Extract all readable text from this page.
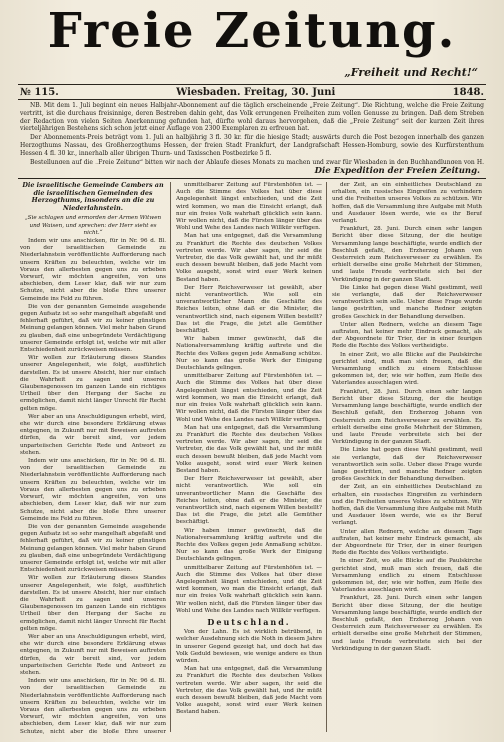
Freie Zeitung.
„Freiheit und Recht!“
№ 115.	Wiesbaden. Freitag, 30. Juni	1848.

NB. Mit dem 1. Juli beginnt ein neues Halbjahr-Abonnement auf die täglich erscheinende „Freie Zeitung“. Die Richtung, welche die Freie Zeitung vertritt, ist die durchaus freisinnige, deren Bestreben dahin geht, das Volk errungenen Freiheiten zum vollen Genusse zu bringen. Daß dem Streben der Redaction von vielen Seiten Anerkennung gefunden hat, dürfte wohl daraus hervorgehen, daß die „Freie Zeitung“ seit der kurzen Zeit ihres vierteljährigen Bestehens sich schon jetzt einer Auflage von 2300 Exemplaren zu erfreuen hat.

Der Abonnements-Preis beträgt vom 1. Juli an halbjährig 3 fl. 30 kr. für die hiesige Stadt; auswärts durch die Post bezogen innerhalb des ganzen Herzogthums Nassau, des Großherzogthums Hessen, der freien Stadt Frankfurt, der Landgrafschaft Hessen-Homburg, sowie des Kurfürstenthum Hessen 4 fl. 30 kr., innerhalb aller übrigen Thurn- und Taxisschen Postbezirke 5 fl.

Bestellungen auf die „Freie Zeitung“ bitten wir nach der Ablaufe dieses Monats zu machen und zwar für Wiesbaden in den Buchhandlungen von H.

Die Expedition der Freien Zeitung.
Die israelitische Gemeinde Cambers an die israelitischen Gemeinden des Herzogthums, insonders an die zu Niederlahnstein.

„Sie schlagen und ermorden der Armen Witwen und Waisen, und sprechen: der Herr sieht es nicht.“

Indem wir uns anschicken, für in Nr. 96 d. Bl. von der israelitischen Gemeinde zu Niederlahnstein veröffentlichte Aufforderung nach unsern Kräften zu beleuchten, welche wir im Voraus den allerbesten gegen uns zu erbeben Vorwurf, wir möchten angreifen, von uns abschieben, dem Leser klar, daß wir nur zum Schutze, nicht aber die bloße Ehre unserer Gemeinde ins Feld zu führen.

Die von der genannten Gemeinde ausgehende gegen Aufsatz ist so sehr mangelhaft abgefaßt und fehlerhaft geführt, daß wir zu keiner günstigen Meinung gelangen können. Viel mehr haben Grund zu glauben, daß eine unbegründete Verdächtigung unserer Gemeinde erfolgt ist, welche wir mit aller Entschiedenheit zurückweisen müssen.

Wir wollen zur Erläuterung dieses Standes unserer Angelegenheit, wie folgt, ausführlich darstellen. Es ist unsere Absicht, hier nur einfach die Wahrheit zu sagen und unseren Glaubensgenossen im ganzen Lande ein richtiges Urtheil über den Hergang der Sache zu ermöglichen, damit nicht länger Unrecht für Recht gelten möge.

Wer aber an uns Anschuldigungen erhebt, wird, ehe wir durch eine besondere Erklärung etwas entgegnen, in Zukunft nur mit Beweisen auftreten dürfen, da wir bereit sind, vor jedem unparteiischen Gerichte Rede und Antwort zu stehen.

Indem wir uns anschicken, für in Nr. 96 d. Bl. von der israelitischen Gemeinde zu Niederlahnstein veröffentlichte Aufforderung nach unsern Kräften zu beleuchten, welche wir im Voraus den allerbesten gegen uns zu erbeben Vorwurf, wir möchten angreifen, von uns abschieben, dem Leser klar, daß wir nur zum Schutze, nicht aber die bloße Ehre unserer Gemeinde ins Feld zu führen.

Die von der genannten Gemeinde ausgehende gegen Aufsatz ist so sehr mangelhaft abgefaßt und fehlerhaft geführt, daß wir zu keiner günstigen Meinung gelangen können. Viel mehr haben Grund zu glauben, daß eine unbegründete Verdächtigung unserer Gemeinde erfolgt ist, welche wir mit aller Entschiedenheit zurückweisen müssen.

Wir wollen zur Erläuterung dieses Standes unserer Angelegenheit, wie folgt, ausführlich darstellen. Es ist unsere Absicht, hier nur einfach die Wahrheit zu sagen und unseren Glaubensgenossen im ganzen Lande ein richtiges Urtheil über den Hergang der Sache zu ermöglichen, damit nicht länger Unrecht für Recht gelten möge.

Wer aber an uns Anschuldigungen erhebt, wird, ehe wir durch eine besondere Erklärung etwas entgegnen, in Zukunft nur mit Beweisen auftreten dürfen, da wir bereit sind, vor jedem unparteiischen Gerichte Rede und Antwort zu stehen.

Indem wir uns anschicken, für in Nr. 96 d. Bl. von der israelitischen Gemeinde zu Niederlahnstein veröffentlichte Aufforderung nach unsern Kräften zu beleuchten, welche wir im Voraus den allerbesten gegen uns zu erbeben Vorwurf, wir möchten angreifen, von uns abschieben, dem Leser klar, daß wir nur zum Schutze, nicht aber die bloße Ehre unserer

unmittelbarer Zeitung auf Fürstenhöfen ist. — Auch die Stimme des Volkes hat über diese Angelegenheit längst entschieden, und die Zeit wird kommen, wo man die Einsicht erlangt, daß nur ein freies Volk wahrhaft glücklich sein kann. Wir wollen nicht, daß die Fürsten länger über das Wohl und Wehe des Landes nach Willkür verfügen.

Man hat uns entgegnet, daß die Versammlung zu Frankfurt die Rechte des deutschen Volkes vertreten werde. Wir aber sagen, ihr seid die Vertreter, die das Volk gewählt hat, und ihr müßt euch dessen bewußt bleiben, daß jede Macht vom Volke ausgeht, sonst wird euer Werk keinen Bestand haben.

Der Herr Reichsverweser ist gewählt, aber nicht verantwortlich. Wie soll ein unverantwortlicher Mann die Geschäfte des Reiches leiten, ohne daß er die Minister, die verantwortlich sind, nach eigenem Willen bestellt? Das ist die Frage, die jetzt alle Gemüther beschäftigt.

Wir haben immer gewünscht, daß die Nationalversammlung kräftig auftrete und die Rechte des Volkes gegen jede Anmaßung schütze. Nur so kann das große Werk der Einigung Deutschlands gelingen.

unmittelbarer Zeitung auf Fürstenhöfen ist. — Auch die Stimme des Volkes hat über diese Angelegenheit längst entschieden, und die Zeit wird kommen, wo man die Einsicht erlangt, daß nur ein freies Volk wahrhaft glücklich sein kann. Wir wollen nicht, daß die Fürsten länger über das Wohl und Wehe des Landes nach Willkür verfügen.

Man hat uns entgegnet, daß die Versammlung zu Frankfurt die Rechte des deutschen Volkes vertreten werde. Wir aber sagen, ihr seid die Vertreter, die das Volk gewählt hat, und ihr müßt euch dessen bewußt bleiben, daß jede Macht vom Volke ausgeht, sonst wird euer Werk keinen Bestand haben.

Der Herr Reichsverweser ist gewählt, aber nicht verantwortlich. Wie soll ein unverantwortlicher Mann die Geschäfte des Reiches leiten, ohne daß er die Minister, die verantwortlich sind, nach eigenem Willen bestellt? Das ist die Frage, die jetzt alle Gemüther beschäftigt.

Wir haben immer gewünscht, daß die Nationalversammlung kräftig auftrete und die Rechte des Volkes gegen jede Anmaßung schütze. Nur so kann das große Werk der Einigung Deutschlands gelingen.

unmittelbarer Zeitung auf Fürstenhöfen ist. — Auch die Stimme des Volkes hat über diese Angelegenheit längst entschieden, und die Zeit wird kommen, wo man die Einsicht erlangt, daß nur ein freies Volk wahrhaft glücklich sein kann. Wir wollen nicht, daß die Fürsten länger über das Wohl und Wehe des Landes nach Willkür verfügen.

Deutschland.

Von der Lahn. Es ist wirklich betrübend, in welcher Ausdehnung sich die Noth in diesem Jahre in unserer Gegend gezeigt hat, und doch hat das Volk Geduld bewiesen, wie wenige andere es thun würden.

Man hat uns entgegnet, daß die Versammlung zu Frankfurt die Rechte des deutschen Volkes vertreten werde. Wir aber sagen, ihr seid die Vertreter, die das Volk gewählt hat, und ihr müßt euch dessen bewußt bleiben, daß jede Macht vom Volke ausgeht, sonst wird euer Werk keinen Bestand haben.

der Zeit, an ein einheitliches Deutschland zu erhalten, ein russisches Eingreifen zu verhindern und die Freiheiten unseres Volkes zu schützen. Wir hoffen, daß die Versammlung ihre Aufgabe mit Muth und Ausdauer lösen werde, wie es ihr Beruf verlangt.

Frankfurt, 28. Juni. Durch einen sehr langen Bericht über diese Sitzung, der die heutige Versammlung lange beschäftigte, wurde endlich der Beschluß gefaßt, den Erzherzog Johann von Oesterreich zum Reichsverweser zu erwählen. Es erhielt derselbe eine große Mehrheit der Stimmen, und laute Freude verbreitete sich bei der Verkündigung in der ganzen Stadt.

Die Linke hat gegen diese Wahl gestimmt, weil sie verlangte, daß der Reichsverweser verantwortlich sein solle. Ueber diese Frage wurde lange gestritten, und manche Redner zeigten großes Geschick in der Behandlung derselben.

Unter allen Rednern, welche an diesem Tage auftraten, hat keiner mehr Eindruck gemacht, als der Abgeordnete für Trier, der in einer feurigen Rede die Rechte des Volkes vertheidigte.

In einer Zeit, wo alle Blicke auf die Paulskirche gerichtet sind, muß man sich freuen, daß die Versammlung endlich zu einem Entschlusse gekommen ist, der, wie wir hoffen, zum Heile des Vaterlandes ausschlagen wird.

Frankfurt, 28. Juni. Durch einen sehr langen Bericht über diese Sitzung, der die heutige Versammlung lange beschäftigte, wurde endlich der Beschluß gefaßt, den Erzherzog Johann von Oesterreich zum Reichsverweser zu erwählen. Es erhielt derselbe eine große Mehrheit der Stimmen, und laute Freude verbreitete sich bei der Verkündigung in der ganzen Stadt.

Die Linke hat gegen diese Wahl gestimmt, weil sie verlangte, daß der Reichsverweser verantwortlich sein solle. Ueber diese Frage wurde lange gestritten, und manche Redner zeigten großes Geschick in der Behandlung derselben.

der Zeit, an ein einheitliches Deutschland zu erhalten, ein russisches Eingreifen zu verhindern und die Freiheiten unseres Volkes zu schützen. Wir hoffen, daß die Versammlung ihre Aufgabe mit Muth und Ausdauer lösen werde, wie es ihr Beruf verlangt.

Unter allen Rednern, welche an diesem Tage auftraten, hat keiner mehr Eindruck gemacht, als der Abgeordnete für Trier, der in einer feurigen Rede die Rechte des Volkes vertheidigte.

In einer Zeit, wo alle Blicke auf die Paulskirche gerichtet sind, muß man sich freuen, daß die Versammlung endlich zu einem Entschlusse gekommen ist, der, wie wir hoffen, zum Heile des Vaterlandes ausschlagen wird.

Frankfurt, 28. Juni. Durch einen sehr langen Bericht über diese Sitzung, der die heutige Versammlung lange beschäftigte, wurde endlich der Beschluß gefaßt, den Erzherzog Johann von Oesterreich zum Reichsverweser zu erwählen. Es erhielt derselbe eine große Mehrheit der Stimmen, und laute Freude verbreitete sich bei der Verkündigung in der ganzen Stadt.
